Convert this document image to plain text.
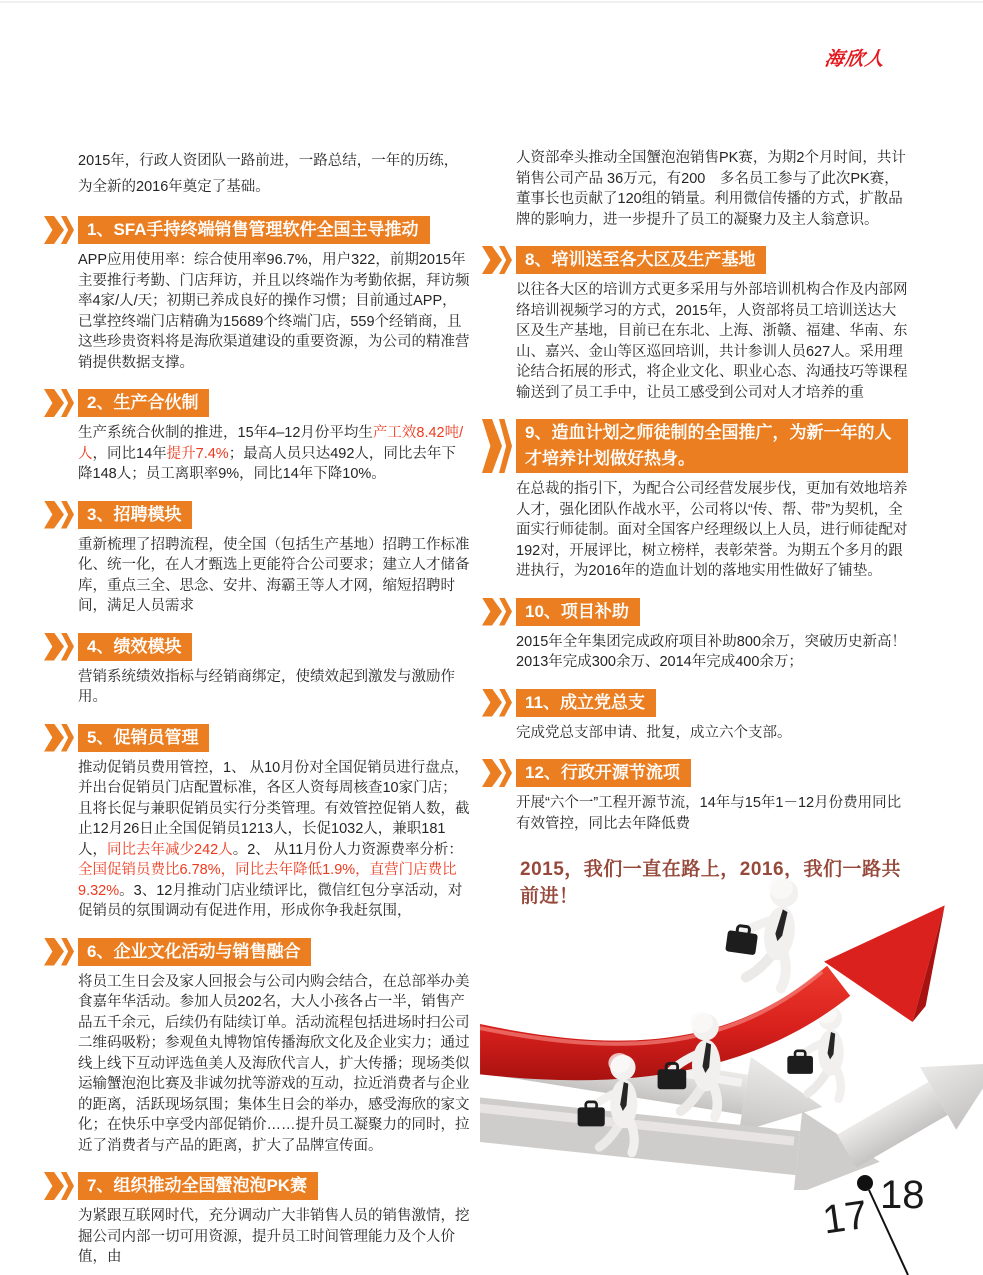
海欣人

2015年，行政人资团队一路前进，一路总结，一年的历练，为全新的2016年奠定了基础。

1、SFA手持终端销售管理软件全国主导推动

APP应用使用率：综合使用率96.7%，用户322，前期2015年主要推行考勤、门店拜访，并且以终端作为考勤依据，拜访频率4家/人/天；初期已养成良好的操作习惯；目前通过APP，已掌控终端门店精确为15689个终端门店，559个经销商，且这些珍贵资料将是海欣渠道建设的重要资源，为公司的精准营销提供数据支撑。

2、生产合伙制

生产系统合伙制的推进，15年4–12月份平均生产工效8.42吨/人，同比14年提升7.4%；最高人员只达492人，同比去年下降148人；员工离职率9%，同比14年下降10%。

3、招聘模块

重新梳理了招聘流程，使全国（包括生产基地）招聘工作标准化、统一化，在人才甄选上更能符合公司要求；建立人才储备库，重点三全、思念、安井、海霸王等人才网，缩短招聘时间，满足人员需求

4、绩效模块

营销系统绩效指标与经销商绑定，使绩效起到激发与激励作用。

5、促销员管理

推动促销员费用管控，1、 从10月份对全国促销员进行盘点，并出台促销员门店配置标准，各区人资每周核查10家门店；且将长促与兼职促销员实行分类管理。有效管控促销人数，截止12月26日止全国促销员1213人，长促1032人，兼职181人，同比去年减少242人。2、 从11月份人力资源费率分析：全国促销员费比6.78%，同比去年降低1.9%，直营门店费比9.32%。3、12月推动门店业绩评比，微信红包分享活动，对促销员的氛围调动有促进作用，形成你争我赶氛围，

6、企业文化活动与销售融合

将员工生日会及家人回报会与公司内购会结合，在总部举办美食嘉年华活动。参加人员202名，大人小孩各占一半，销售产品五千余元，后续仍有陆续订单。活动流程包括进场时扫公司二维码吸粉；参观鱼丸博物馆传播海欣文化及企业实力；通过线上线下互动评选鱼美人及海欣代言人，扩大传播；现场类似运输蟹泡泡比赛及非诚勿扰等游戏的互动，拉近消费者与企业的距离，活跃现场氛围；集体生日会的举办，感受海欣的家文化；在快乐中享受内部促销价……提升员工凝聚力的同时，拉近了消费者与产品的距离，扩大了品牌宣传面。

7、组织推动全国蟹泡泡PK赛

为紧跟互联网时代，充分调动广大非销售人员的销售激情，挖掘公司内部一切可用资源，提升员工时间管理能力及个人价值，由

人资部牵头推动全国蟹泡泡销售PK赛，为期2个月时间，共计销售公司产品 36万元，有200　多名员工参与了此次PK赛，董事长也贡献了120组的销量。利用微信传播的方式，扩散品牌的影响力，进一步提升了员工的凝聚力及主人翁意识。

8、培训送至各大区及生产基地

以往各大区的培训方式更多采用与外部培训机构合作及内部网络培训视频学习的方式，2015年，人资部将员工培训送达大区及生产基地，目前已在东北、上海、浙赣、福建、华南、东山、嘉兴、金山等区巡回培训，共计参训人员627人。采用理论结合拓展的形式，将企业文化、职业心态、沟通技巧等课程输送到了员工手中，让员工感受到公司对人才培养的重

9、造血计划之师徒制的全国推广，为新一年的人才培养计划做好热身。

在总裁的指引下，为配合公司经营发展步伐，更加有效地培养人才，强化团队作战水平，公司将以“传、帮、带”为契机，全面实行师徒制。面对全国客户经理级以上人员，进行师徒配对192对，开展评比，树立榜样，表彰荣誉。为期五个多月的跟进执行，为2016年的造血计划的落地实用性做好了铺垫。

10、项目补助

2015年全年集团完成政府项目补助800余万，突破历史新高！2013年完成300余万、2014年完成400余万；

11、成立党总支

完成党总支部申请、批复，成立六个支部。

12、行政开源节流项

开展“六个一”工程开源节流，14年与15年1－12月份费用同比有效管控，同比去年降低费

2015，我们一直在路上，2016，我们一路共前进！

17 18
